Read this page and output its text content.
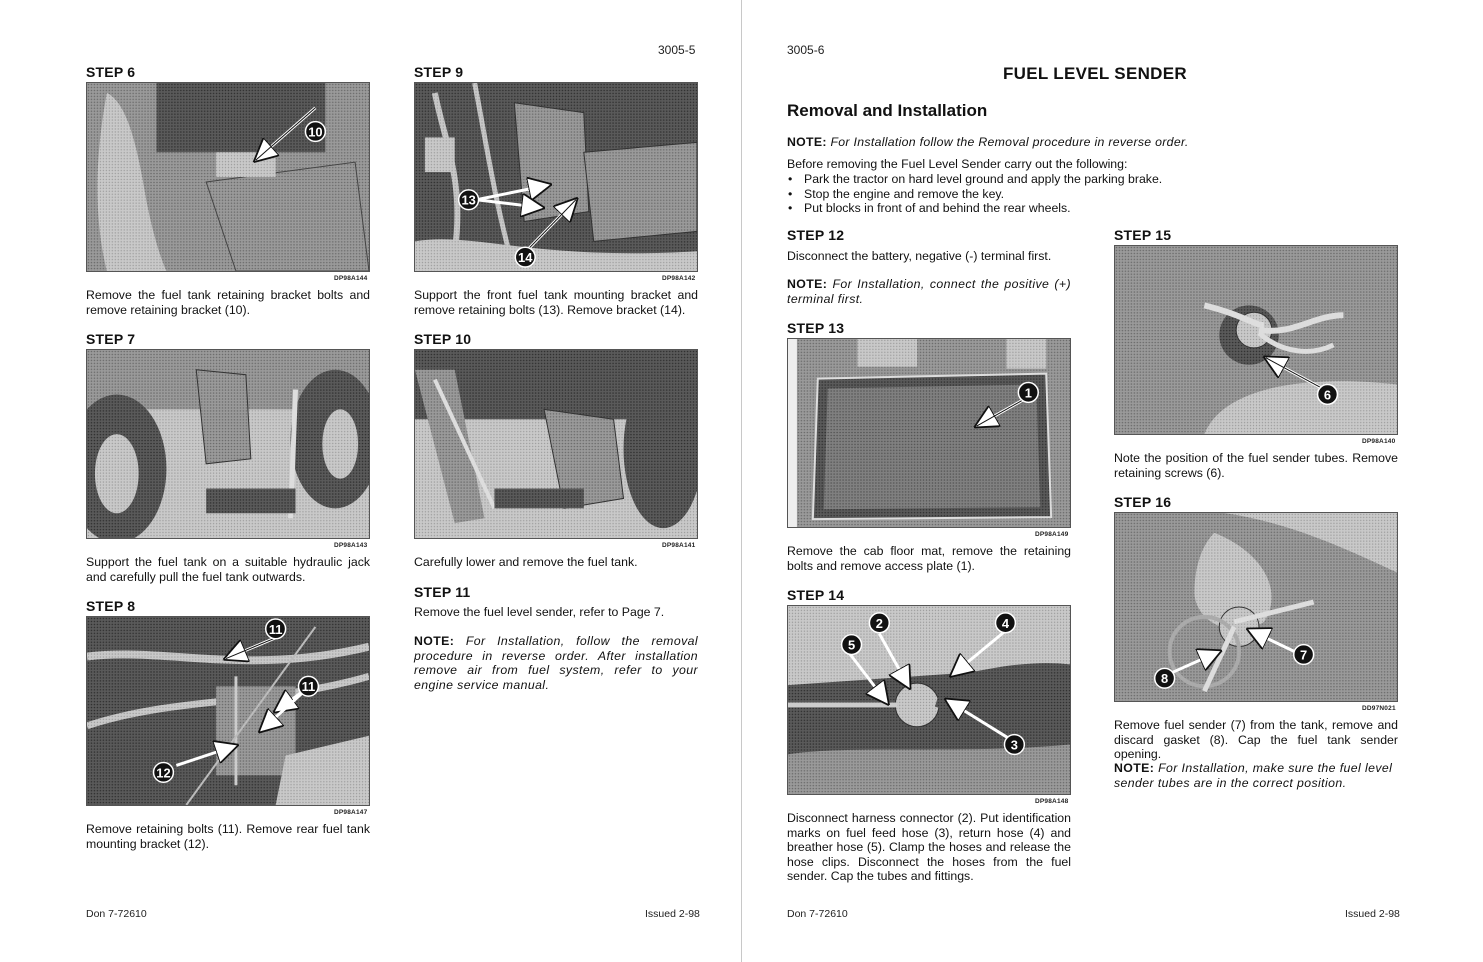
3005-5
STEP 6
10
DP98A144
Remove the fuel tank retaining bracket bolts and remove retaining bracket (10).
STEP 7
DP98A143
Support the fuel tank on a suitable hydraulic jack and carefully pull the fuel tank outwards.
STEP 8
11
11
12
DP98A147
Remove retaining bolts (11). Remove rear fuel tank mounting bracket (12).
STEP 9
13
14
DP98A142
Support the front fuel tank mounting bracket and remove retaining bolts (13). Remove bracket (14).
STEP 10
DP98A141
Carefully lower and remove the fuel tank.
STEP 11
Remove the fuel level sender, refer to Page 7.
NOTE: For Installation, follow the removal procedure in reverse order. After installation remove air from fuel system, refer to your engine service manual.
Don 7-72610	Issued 2-98
3005-6
FUEL LEVEL SENDER
Removal and Installation
NOTE: For Installation follow the Removal procedure in reverse order.
Before removing the Fuel Level Sender carry out the following:
• Park the tractor on hard level ground and apply the parking brake.
• Stop the engine and remove the key.
• Put blocks in front of and behind the rear wheels.
STEP 12
Disconnect the battery, negative (-) terminal first.
NOTE: For Installation, connect the positive (+) terminal first.
STEP 13
1
DP98A149
Remove the cab floor mat, remove the retaining bolts and remove access plate (1).
STEP 14
2	4
5
3
DP98A148
Disconnect harness connector (2). Put identification marks on fuel feed hose (3), return hose (4) and breather hose (5). Clamp the hoses and release the hose clips. Disconnect the hoses from the fuel sender. Cap the tubes and fittings.
STEP 15
6
DP98A140
Note the position of the fuel sender tubes. Remove retaining screws (6).
STEP 16
7
8
DD97N021
Remove fuel sender (7) from the tank, remove and discard gasket (8). Cap the fuel tank sender opening.
NOTE: For Installation, make sure the fuel level sender tubes are in the correct position.
Don 7-72610	Issued 2-98
